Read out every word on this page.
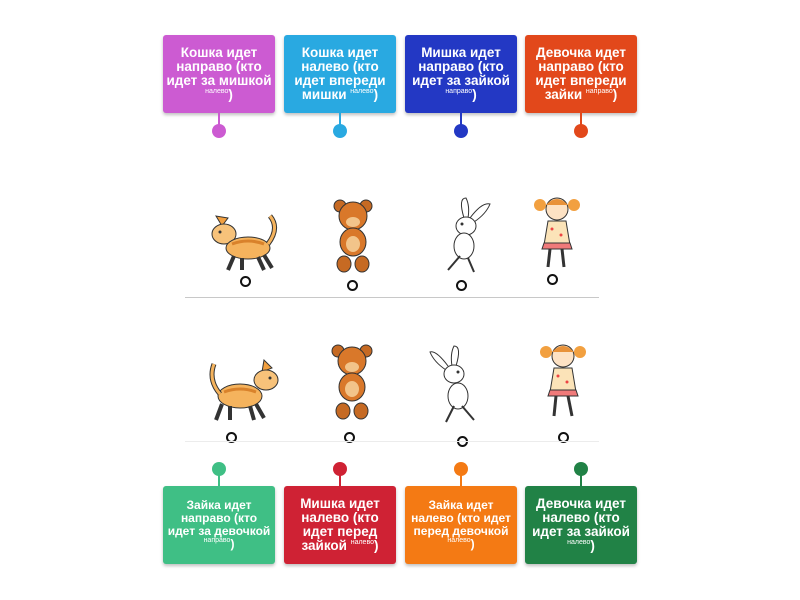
Кошка идет направо (кто идет за мишкой $^{налево}$)
Кошка идет налево (кто идет впереди мишки $^{налево}$)
Мишка идет направо (кто идет за зайкой $^{направо}$)
Девочка идет направо (кто идет впереди зайки $^{направо}$)
Зайка идет направо (кто идет за девочкой $^{направо}$)
Мишка идет налево (кто идет перед зайкой $^{налево}$)
Зайка идет налево (кто идет перед девочкой $^{налево}$)
Девочка идет налево (кто идет за зайкой $^{налево}$)
